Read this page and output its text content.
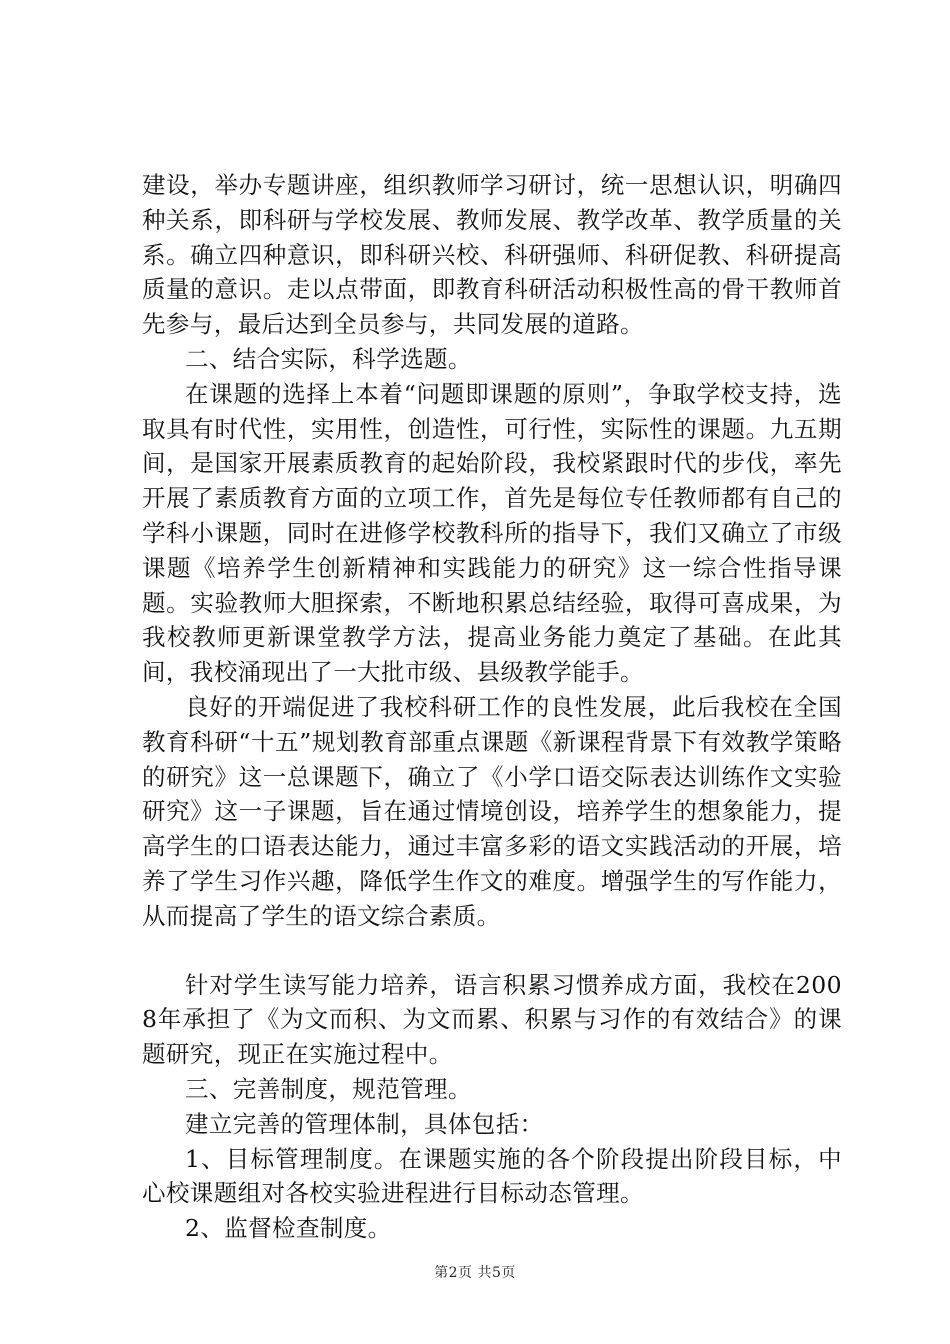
建设，举办专题讲座，组织教师学习研讨，统一思想认识，明确四种关系，即科研与学校发展、教师发展、教学改革、教学质量的关系。确立四种意识，即科研兴校、科研强师、科研促教、科研提高质量的意识。走以点带面，即教育科研活动积极性高的骨干教师首先参与，最后达到全员参与，共同发展的道路。

二、结合实际，科学选题。

在课题的选择上本着“问题即课题的原则”，争取学校支持，选取具有时代性，实用性，创造性，可行性，实际性的课题。九五期间，是国家开展素质教育的起始阶段，我校紧跟时代的步伐，率先开展了素质教育方面的立项工作，首先是每位专任教师都有自己的学科小课题，同时在进修学校教科所的指导下，我们又确立了市级课题《培养学生创新精神和实践能力的研究》这一综合性指导课题。实验教师大胆探索，不断地积累总结经验，取得可喜成果，为我校教师更新课堂教学方法，提高业务能力奠定了基础。在此其间，我校涌现出了一大批市级、县级教学能手。

良好的开端促进了我校科研工作的良性发展，此后我校在全国教育科研“十五”规划教育部重点课题《新课程背景下有效教学策略的研究》这一总课题下，确立了《小学口语交际表达训练作文实验研究》这一子课题，旨在通过情境创设，培养学生的想象能力，提高学生的口语表达能力，通过丰富多彩的语文实践活动的开展，培养了学生习作兴趣，降低学生作文的难度。增强学生的写作能力，从而提高了学生的语文综合素质。

针对学生读写能力培养，语言积累习惯养成方面，我校在2008年承担了《为文而积、为文而累、积累与习作的有效结合》的课题研究，现正在实施过程中。

三、完善制度，规范管理。

建立完善的管理体制，具体包括：

1、目标管理制度。在课题实施的各个阶段提出阶段目标，中心校课题组对各校实验进程进行目标动态管理。

2、监督检查制度。

第2页 共5页
